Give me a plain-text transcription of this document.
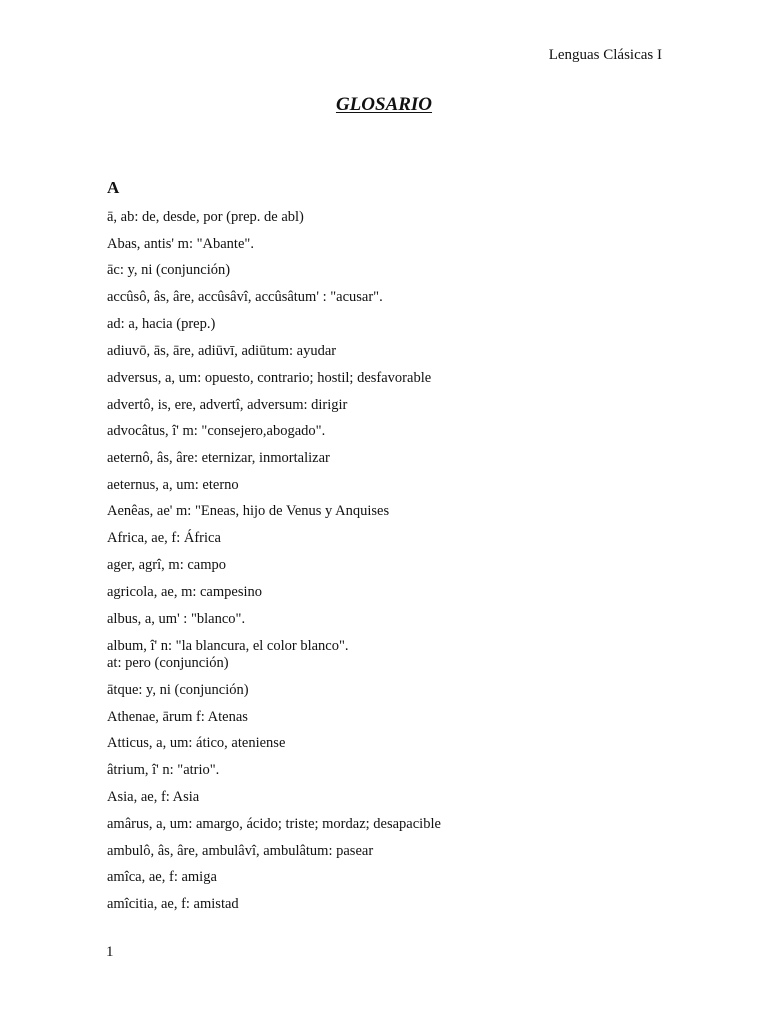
Lenguas Clásicas I
GLOSARIO
A
ā, ab: de, desde, por (prep. de abl)
Abas, antis' m: "Abante".
āc: y, ni (conjunción)
accûsô, âs, âre, accûsâvî, accûsâtum' : "acusar".
ad: a, hacia (prep.)
adiuvō, ās, āre, adiūvī, adiūtum: ayudar
adversus, a, um: opuesto, contrario; hostil; desfavorable
advertô, is, ere, advertî, adversum: dirigir
advocâtus, î' m: "consejero,abogado".
aeternô, âs, âre: eternizar, inmortalizar
aeternus, a, um: eterno
Aenêas, ae' m: "Eneas, hijo de Venus y Anquises
Africa, ae, f: África
ager, agrî, m: campo
agricola, ae, m: campesino
albus, a, um' : "blanco".
album, î' n: "la blancura, el color blanco".
at: pero (conjunción)
ātque: y, ni (conjunción)
Athenae, ārum f: Atenas
Atticus, a, um: ático, ateniense
âtrium, î' n: "atrio".
Asia, ae, f: Asia
amârus, a, um: amargo, ácido; triste; mordaz; desapacible
ambulô, âs, âre, ambulâvî, ambulâtum: pasear
amîca, ae, f: amiga
amîcitia, ae, f: amistad
1
